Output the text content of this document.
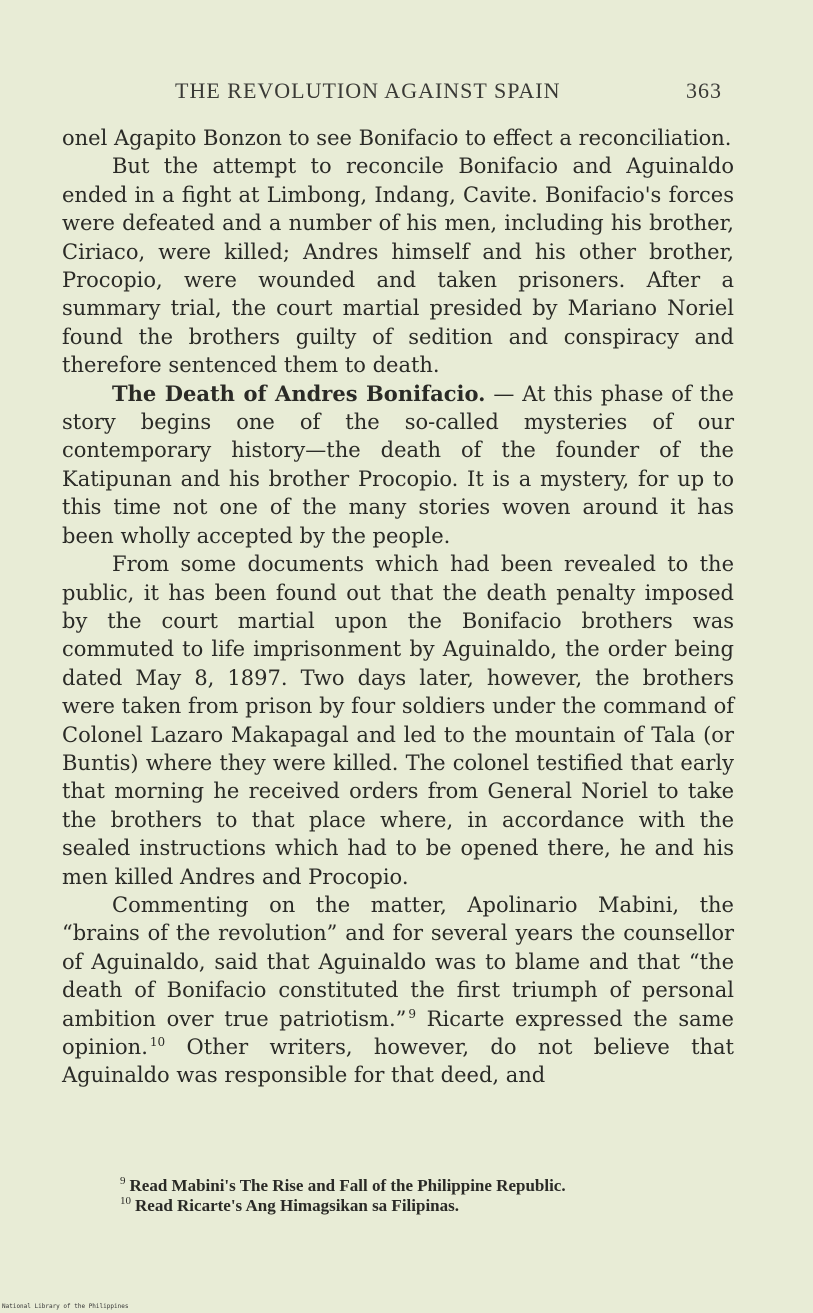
THE REVOLUTION AGAINST SPAIN	363

onel Agapito Bonzon to see Bonifacio to effect a reconciliation.

But the attempt to reconcile Bonifacio and Aguinaldo ended in a fight at Limbong, Indang, Cavite. Bonifacio's forces were defeated and a number of his men, including his brother, Ciriaco, were killed; Andres himself and his other brother, Procopio, were wounded and taken prisoners. After a summary trial, the court martial presided by Mariano Noriel found the brothers guilty of sedition and conspiracy and therefore sentenced them to death.

The Death of Andres Bonifacio. — At this phase of the story begins one of the so-called mysteries of our contemporary history—the death of the founder of the Katipunan and his brother Procopio. It is a mystery, for up to this time not one of the many stories woven around it has been wholly accepted by the people.

From some documents which had been revealed to the public, it has been found out that the death penalty imposed by the court martial upon the Bonifacio brothers was commuted to life imprisonment by Aguinaldo, the order being dated May 8, 1897. Two days later, however, the brothers were taken from prison by four soldiers under the command of Colonel Lazaro Makapagal and led to the mountain of Tala (or Buntis) where they were killed. The colonel testified that early that morning he received orders from General Noriel to take the brothers to that place where, in accordance with the sealed instructions which had to be opened there, he and his men killed Andres and Procopio.

Commenting on the matter, Apolinario Mabini, the “brains of the revolution” and for several years the counsellor of Aguinaldo, said that Aguinaldo was to blame and that “the death of Bonifacio constituted the first triumph of personal ambition over true patriotism.” $^9$ Ricarte expressed the same opinion. $^{10}$ Other writers, however, do not believe that Aguinaldo was responsible for that deed, and

$^9$ Read Mabini's The Rise and Fall of the Philippine Republic.
$^{10}$ Read Ricarte's Ang Himagsikan sa Filipinas.
National Library of the Philippines
